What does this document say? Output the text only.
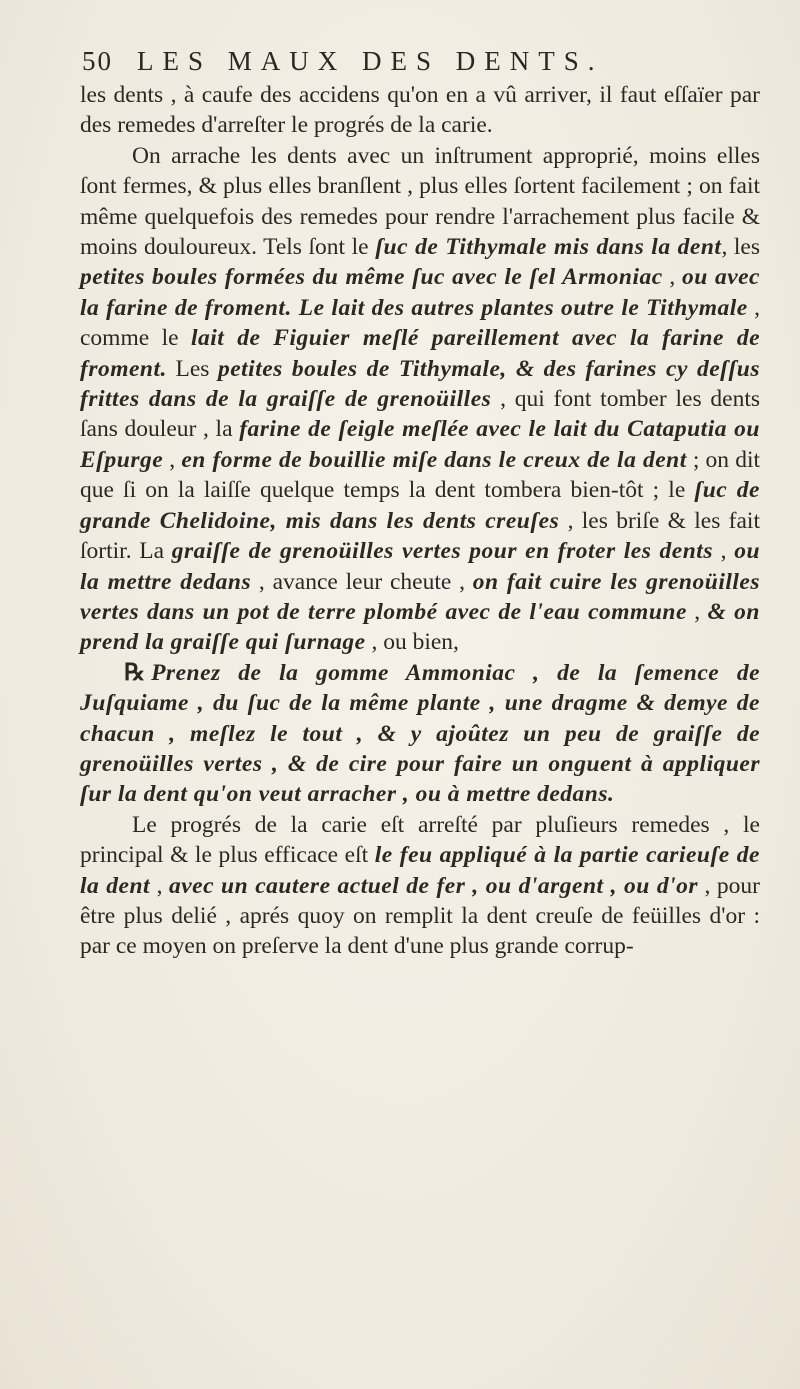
50 LES MAUX DES DENTS.

les dents , à caufe des accidens qu'on en a vû arriver, il faut eſſaïer par des remedes d'arreſter le progrés de la carie.

On arrache les dents avec un inſtrument approprié, moins elles ſont fermes, & plus elles branſlent , plus elles ſortent facilement ; on fait même quelquefois des remedes pour rendre l'arrachement plus facile & moins douloureux. Tels ſont le ſuc de Tithymale mis dans la dent, les petites boules formées du même ſuc avec le ſel Armoniac , ou avec la farine de froment. Le lait des autres plantes outre le Tithymale , comme le lait de Figuier meſlé pareillement avec la farine de froment. Les petites boules de Tithymale, & des farines cy deſſus frittes dans de la graiſſe de grenoüilles , qui font tomber les dents ſans douleur , la farine de ſeigle meſlée avec le lait du Cataputia ou Eſpurge , en forme de bouillie miſe dans le creux de la dent ; on dit que ſi on la laiſſe quelque temps la dent tombera bien-tôt ; le ſuc de grande Chelidoine, mis dans les dents creuſes , les briſe & les fait ſortir. La graiſſe de grenoüilles vertes pour en froter les dents , ou la mettre dedans , avance leur cheute , on fait cuire les grenoüilles vertes dans un pot de terre plombé avec de l'eau commune , & on prend la graiſſe qui ſurnage , ou bien,

℞ Prenez de la gomme Ammoniac , de la ſemence de Juſquiame , du ſuc de la même plante , une dragme & demye de chacun , meſlez le tout , & y ajoûtez un peu de graiſſe de grenoüilles vertes , & de cire pour faire un onguent à appliquer ſur la dent qu'on veut arracher , ou à mettre dedans.

Le progrés de la carie eſt arreſté par pluſieurs remedes , le principal & le plus efficace eſt le feu appliqué à la partie carieuſe de la dent , avec un cautere actuel de fer , ou d'argent , ou d'or , pour être plus delié , aprés quoy on remplit la dent creuſe de feüilles d'or : par ce moyen on preſerve la dent d'une plus grande corrup-
